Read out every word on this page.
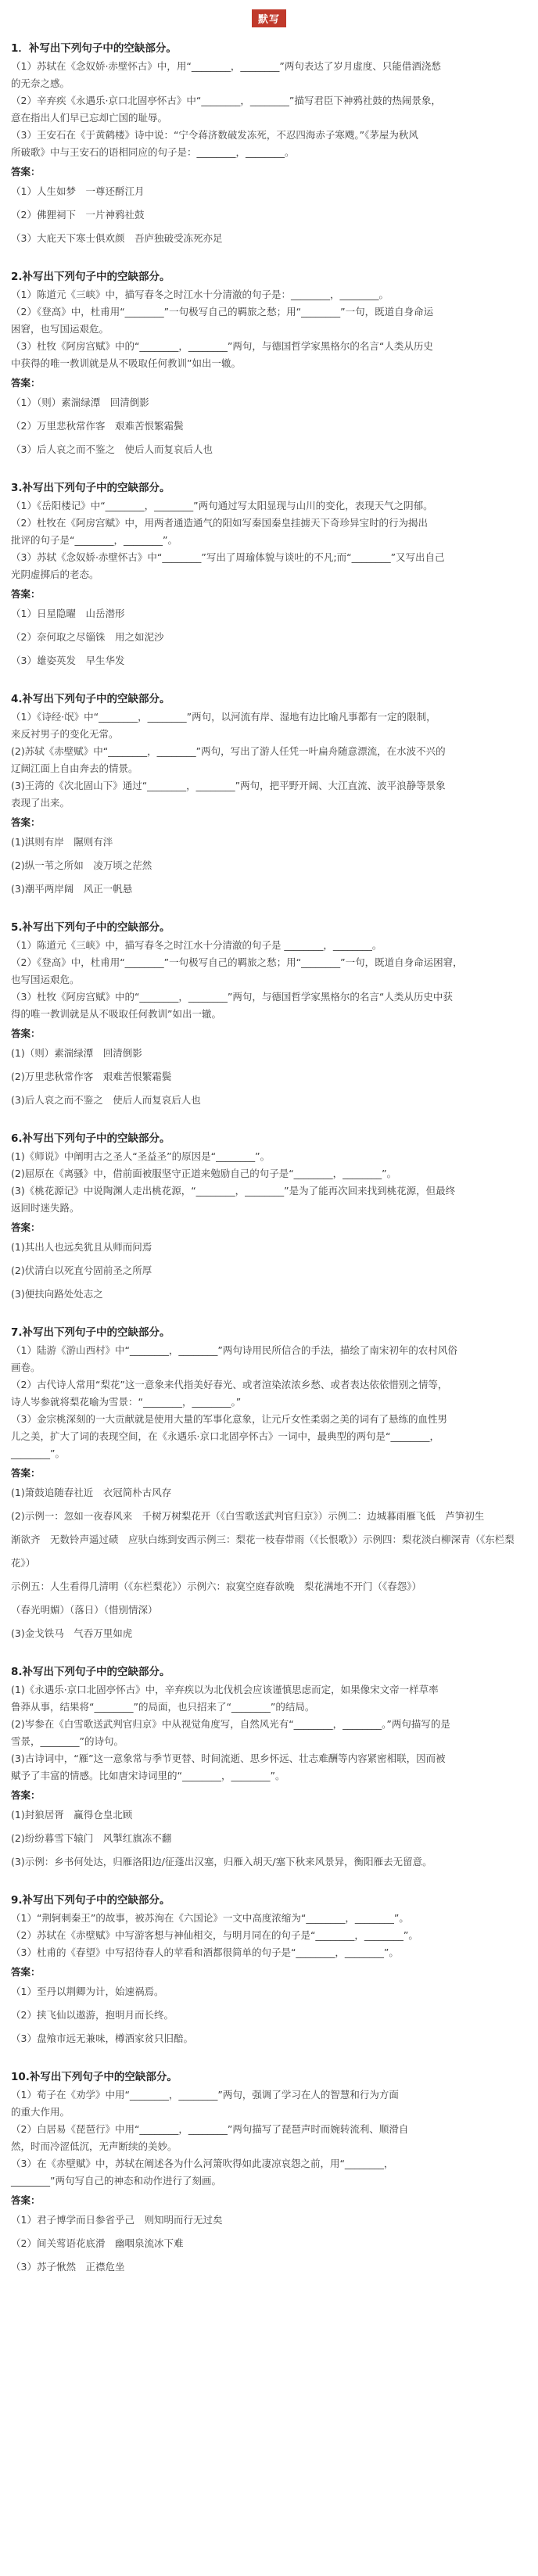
默写
1．补写出下列句子中的空缺部分。

（1）苏轼在《念奴娇·赤壁怀古》中，用“________，________”两句表达了岁月虚度、只能借酒浇愁

的无奈之感。

（2）辛弃疾《永遇乐·京口北固亭怀古》中“________，________”描写君臣下神鸦社鼓的热闹景象，

意在指出人们早已忘却亡国的耻辱。

（3）王安石在《于黄鹤楼》诗中说：“宁令蒋济数破发冻死，不忍四海赤子寒飕。”《茅屋为秋风

所破歌》中与王安石的语相同应的句子是：________，________。

答案：

（1）人生如梦　一尊还酹江月

（2）佛狸祠下　一片神鸦社鼓

（3）大庇天下寒士俱欢颜　吾庐独破受冻死亦足

2.补写出下列句子中的空缺部分。

（1）陈道元《三峡》中，描写春冬之时江水十分清澈的句子是：________，________。

（2）《登高》中，杜甫用“________”一句极写自己的羁旅之愁；用“________”一句，既道自身命运

困窘，也写国运艰危。

（3）杜牧《阿房宫赋》中的“________，________”两句，与德国哲学家黑格尔的名言“人类从历史

中获得的唯一教训就是从不吸取任何教训”如出一辙。

答案：

（1）（则）素湍绿潭　回清倒影

（2）万里悲秋常作客　艰难苦恨繁霜鬓

（3）后人哀之而不鉴之　使后人而复哀后人也

3.补写出下列句子中的空缺部分。

（1）《岳阳楼记》中“________，________”两句通过写太阳显现与山川的变化，表现天气之阴郁。

（2）杜牧在《阿房宫赋》中，用两者通造通气的阳如写秦国秦皇挂掳天下奇珍异宝时的行为揭出

批评的句子是“________，________”。

（3）苏轼《念奴娇·赤壁怀古》中“________”写出了周瑜体貌与谈吐的不凡;而“________”又写出自己

光阴虚掷后的老态。

答案：

（1）日星隐曜　山岳潜形

（2）奈何取之尽锱铢　用之如泥沙

（3）雄姿英发　早生华发

4.补写出下列句子中的空缺部分。

（1）《诗经·氓》中“________，________”两句，以河流有岸、湿地有边比喻凡事都有一定的限制，

来反衬男子的变化无常。

(2)苏轼《赤壁赋》中“________，________”两句，写出了游人任凭一叶扁舟随意漂流，在水波不兴的

辽阔江面上自由奔去的情景。

(3)王湾的《次北固山下》通过“________，________”两句，把平野开阔、大江直流、波平浪静等景象

表现了出来。

答案：

(1)淇则有岸　隰则有泮

(2)纵一苇之所如　凌万顷之茫然

(3)潮平两岸阔　风正一帆悬

5.补写出下列句子中的空缺部分。

（1）陈道元《三峡》中，描写春冬之时江水十分清澈的句子是 ________，________。

（2）《登高》中，杜甫用“________”一句极写自己的羁旅之愁；用“________”一句，既道自身命运困窘，

也写国运艰危。

（3）杜牧《阿房宫赋》中的“________，________”两句，与德国哲学家黑格尔的名言“人类从历史中获

得的唯一教训就是从不吸取任何教训”如出一辙。

答案：

(1)（则）素湍绿潭　回清倒影

(2)万里悲秋常作客　艰难苦恨繁霜鬓

(3)后人哀之而不鉴之　使后人而复哀后人也

6.补写出下列句子中的空缺部分。

(1)《师说》中阐明古之圣人“圣益圣”的原因是“________”。

(2)屈原在《离骚》中，借前面被服坚守正道来勉励自己的句子是“________，________”。

(3)《桃花源记》中说陶渊人走出桃花源，“________，________”是为了能再次回来找到桃花源，但最终

返回时迷失路。

答案：

(1)其出人也远矣犹且从师而问焉

(2)伏清白以死直兮固前圣之所厚

(3)便扶向路处处志之

7.补写出下列句子中的空缺部分。

（1）陆游《游山西村》中“________，________”两句诗用民所信合的手法，描绘了南宋初年的农村风俗

画卷。

（2）古代诗人常用“梨花”这一意象来代指美好春光、或者渲染浓浓乡愁、或者表达依依惜别之情等，

诗人岑参就将梨花喻为雪景：“________，________。”

（3）金宗桃深刻的一大贡献就是使用大量的军事化意象，让元斤女性柔弱之美的词有了悬练的血性男

儿之美，扩大了词的表现空间，在《永遇乐·京口北固亭怀古》一词中，最典型的两句是“________，

________”。

答案：

(1)箫鼓追随春社近　衣冠简朴古风存

(2)示例一：忽如一夜春风来　千树万树梨花开（《白雪歌送武判官归京》）示例二：边城暮雨雁飞低　芦笋初生

渐欲齐　无数铃声遥过碛　应驮白练到安西示例三：梨花一枝春带雨（《长恨歌》）示例四：梨花淡白柳深青（《东栏梨花》）

示例五：人生看得几清明（《东栏梨花》）示例六：寂寞空庭春欲晚　梨花满地不开门（《春怨》）

（春光明媚）（落日）（惜别情深）

(3)金戈铁马　气吞万里如虎

8.补写出下列句子中的空缺部分。

(1)《永遇乐·京口北固亭怀古》中，辛弃疾以为北伐机会应该谨慎思虑而定，如果像宋文帝一样草率

鲁莽从事，结果将“________”的局面，也只招来了“________”的结局。

(2)岑参在《白雪歌送武判官归京》中从视觉角度写，自然风光有“________，________。”两句描写的是

雪景，________”的诗句。

(3)古诗词中，“雁”这一意象常与季节更替、时间流逝、思乡怀远、壮志难酬等内容紧密相联，因而被

赋予了丰富的情感。比如唐宋诗词里的“________，________”。

答案：

(1)封狼居胥　赢得仓皇北顾

(2)纷纷暮雪下辕门　风掣红旗冻不翻

(3)示例：乡书何处达，归雁洛阳边/征蓬出汉塞，归雁入胡天/塞下秋来风景异，衡阳雁去无留意。

9.补写出下列句子中的空缺部分。

（1）“荆轲刺秦王”的故事，被苏洵在《六国论》一文中高度浓缩为“________，________”。

（2）苏轼在《赤壁赋》中写游客想与神仙相交，与明月同在的句子是“________，________”。

（3）杜甫的《春望》中写招待春人的苹看和酒都很简单的句子是“________，________”。

答案：

（1）至丹以荆卿为计，始速祸焉。

（2）挟飞仙以遨游，抱明月而长终。

（3）盘飧市远无兼味，樽酒家贫只旧醅。

10.补写出下列句子中的空缺部分。

（1）荀子在《劝学》中用“________，________”两句，强调了学习在人的智慧和行为方面

的重大作用。

（2）白居易《琵琶行》中用“________，________”两句描写了琵琶声时而婉转流利、顺滑自

然，时而冷涩低沉，无声断续的美妙。

（3）在《赤壁赋》中，苏轼在阐述各为什么河箫吹得如此凄凉哀怨之前，用“________，

________”两句写自己的神态和动作进行了刻画。

答案：

（1）君子博学而日参省乎己　则知明而行无过矣

（2）间关莺语花底滑　幽咽泉流冰下难

（3）苏子愀然　正襟危坐
